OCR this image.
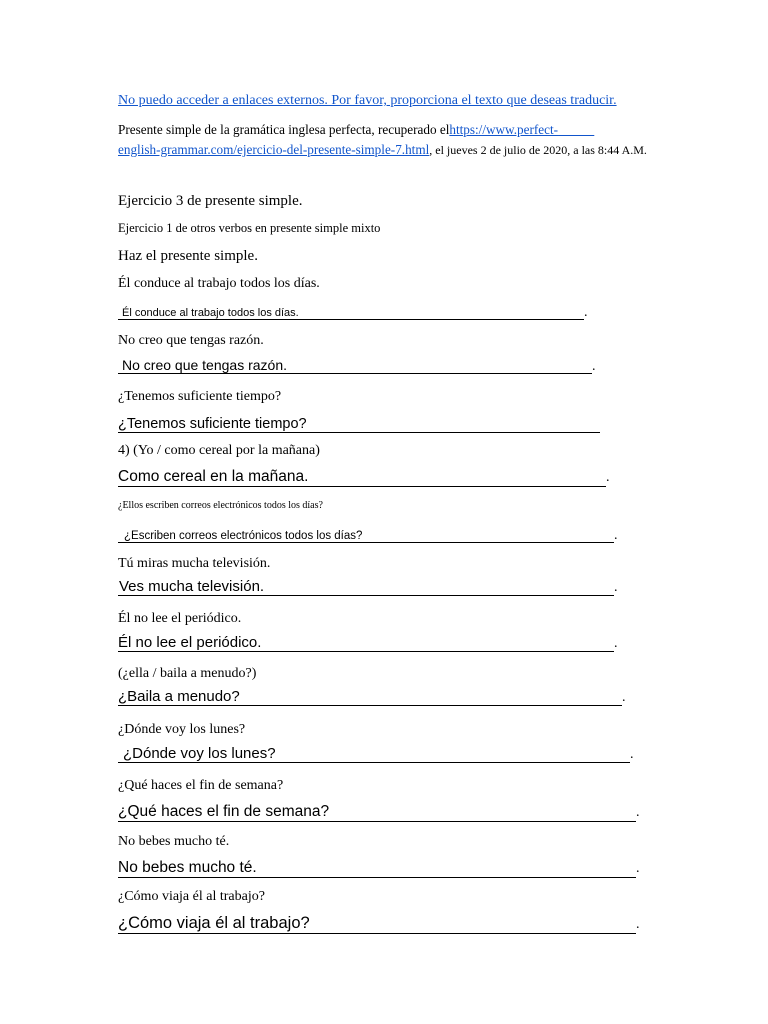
No puedo acceder a enlaces externos. Por favor, proporciona el texto que deseas traducir.
Presente simple de la gramática inglesa perfecta, recuperado elhttps://www.perfect-
english-grammar.com/ejercicio-del-presente-simple-7.html, el jueves 2 de julio de 2020, a las 8:44 A.M.
Ejercicio 3 de presente simple.
Ejercicio 1 de otros verbos en presente simple mixto
Haz el presente simple.
Él conduce al trabajo todos los días.
Él conduce al trabajo todos los días.	.
No creo que tengas razón.
No creo que tengas razón.	.
¿Tenemos suficiente tiempo?
¿Tenemos suficiente tiempo?
4) (Yo / como cereal por la mañana)
Como cereal en la mañana.	.
¿Ellos escriben correos electrónicos todos los días?
¿Escriben correos electrónicos todos los días?	.
Tú miras mucha televisión.
Ves mucha televisión.	.
Él no lee el periódico.
Él no lee el periódico.	.
(¿ella / baila a menudo?)
¿Baila a menudo?	.
¿Dónde voy los lunes?
¿Dónde voy los lunes?	.
¿Qué haces el fin de semana?
¿Qué haces el fin de semana?	.
No bebes mucho té.
No bebes mucho té.	.
¿Cómo viaja él al trabajo?
¿Cómo viaja él al trabajo?	.
